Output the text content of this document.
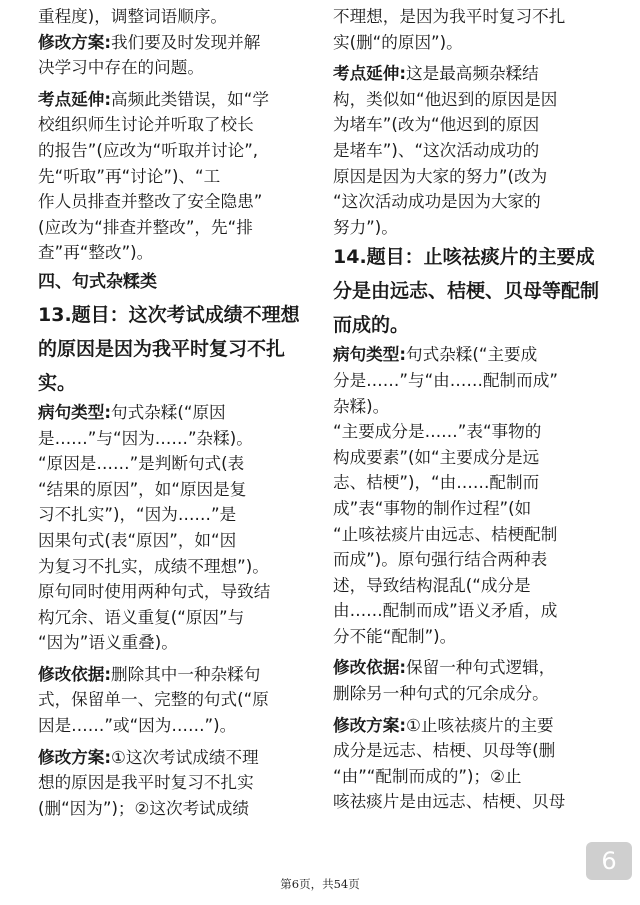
重程度)，调整词语顺序。
修改方案:我们要及时发现并解
决学习中存在的问题。
考点延伸:高频此类错误，如“学
校组织师生讨论并听取了校长
的报告”(应改为“听取并讨论”,
先“听取”再“讨论”)、“工
作人员排查并整改了安全隐患”
(应改为“排查并整改”，先“排
查”再“整改”)。
四、句式杂糅类
13.题目：这次考试成绩不理想
的原因是因为我平时复习不扎
实。
病句类型:句式杂糅(“原因
是……”与“因为……”杂糅)。
“原因是……”是判断句式(表
“结果的原因”，如“原因是复
习不扎实”)，“因为……”是
因果句式(表“原因”，如“因
为复习不扎实，成绩不理想”)。
原句同时使用两种句式，导致结
构冗余、语义重复(“原因”与
“因为”语义重叠)。
修改依据:删除其中一种杂糅句
式，保留单一、完整的句式(“原
因是……”或“因为……”)。
修改方案:①这次考试成绩不理
想的原因是我平时复习不扎实
(删“因为”)；②这次考试成绩
不理想，是因为我平时复习不扎
实(删“的原因”)。
考点延伸:这是最高频杂糅结
构，类似如“他迟到的原因是因
为堵车”(改为“他迟到的原因
是堵车”)、“这次活动成功的
原因是因为大家的努力”(改为
“这次活动成功是因为大家的
努力”)。
14.题目：止咳祛痰片的主要成
分是由远志、桔梗、贝母等配制
而成的。
病句类型:句式杂糅(“主要成
分是……”与“由……配制而成”
杂糅)。
“主要成分是……”表“事物的
构成要素”(如“主要成分是远
志、桔梗”)，“由……配制而
成”表“事物的制作过程”(如
“止咳祛痰片由远志、桔梗配制
而成”)。原句强行结合两种表
述，导致结构混乱(“成分是
由……配制而成”语义矛盾，成
分不能“配制”)。
修改依据:保留一种句式逻辑，
删除另一种句式的冗余成分。
修改方案:①止咳祛痰片的主要
成分是远志、桔梗、贝母等(删
“由”“配制而成的”)；②止
咳祛痰片是由远志、桔梗、贝母
6
第6页，共54页
